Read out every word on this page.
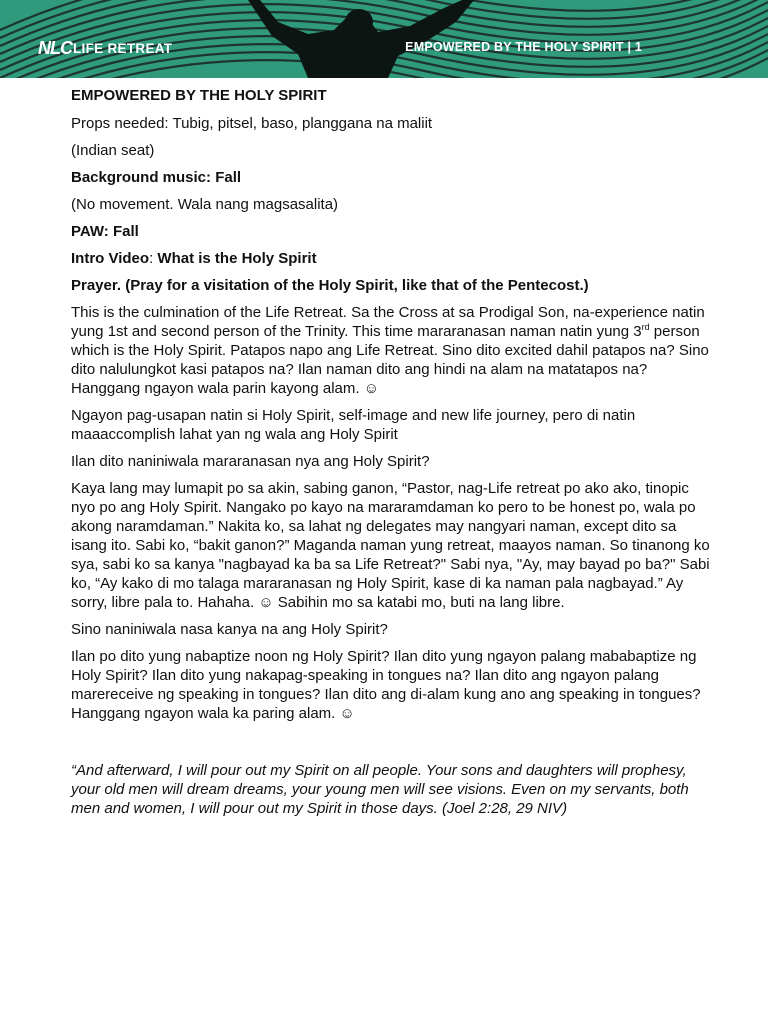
NLC LIFE RETREAT	EMPOWERED BY THE HOLY SPIRIT | 1

EMPOWERED BY THE HOLY SPIRIT

Props needed: Tubig, pitsel, baso, planggana na maliit

(Indian seat)

Background music: Fall

(No movement. Wala nang magsasalita)

PAW: Fall

Intro Video: What is the Holy Spirit

Prayer. (Pray for a visitation of the Holy Spirit, like that of the Pentecost.)

This is the culmination of the Life Retreat. Sa the Cross at sa Prodigal Son, na-experience natin yung 1st and second person of the Trinity. This time mararanasan naman natin yung 3rd person which is the Holy Spirit. Patapos napo ang Life Retreat. Sino dito excited dahil patapos na? Sino dito nalulungkot kasi patapos na? Ilan naman dito ang hindi na alam na matatapos na? Hanggang ngayon wala parin kayong alam. ☺

Ngayon pag-usapan natin si Holy Spirit, self-image and new life journey, pero di natin maaaccomplish lahat yan ng wala ang Holy Spirit

Ilan dito naniniwala mararanasan nya ang Holy Spirit?

Kaya lang may lumapit po sa akin, sabing ganon, “Pastor, nag-Life retreat po ako ako, tinopic nyo po ang Holy Spirit. Nangako po kayo na mararamdaman ko pero to be honest po, wala po akong naramdaman.” Nakita ko, sa lahat ng delegates may nangyari naman, except dito sa isang ito. Sabi ko, “bakit ganon?” Maganda naman yung retreat, maayos naman. So tinanong ko sya, sabi ko sa kanya "nagbayad ka ba sa Life Retreat?" Sabi nya, "Ay, may bayad po ba?" Sabi ko, “Ay kako di mo talaga mararanasan ng Holy Spirit, kase di ka naman pala nagbayad.” Ay sorry, libre pala to. Hahaha. ☺ Sabihin mo sa katabi mo, buti na lang libre.

Sino naniniwala nasa kanya na ang Holy Spirit?

Ilan po dito yung nabaptize noon ng Holy Spirit? Ilan dito yung ngayon palang mababaptize ng Holy Spirit? Ilan dito yung nakapag-speaking in tongues na? Ilan dito ang ngayon palang marereceive ng speaking in tongues? Ilan dito ang di-alam kung ano ang speaking in tongues? Hanggang ngayon wala ka paring alam. ☺

“And afterward, I will pour out my Spirit on all people. Your sons and daughters will prophesy, your old men will dream dreams, your young men will see visions. Even on my servants, both men and women, I will pour out my Spirit in those days. (Joel 2:28, 29 NIV)
